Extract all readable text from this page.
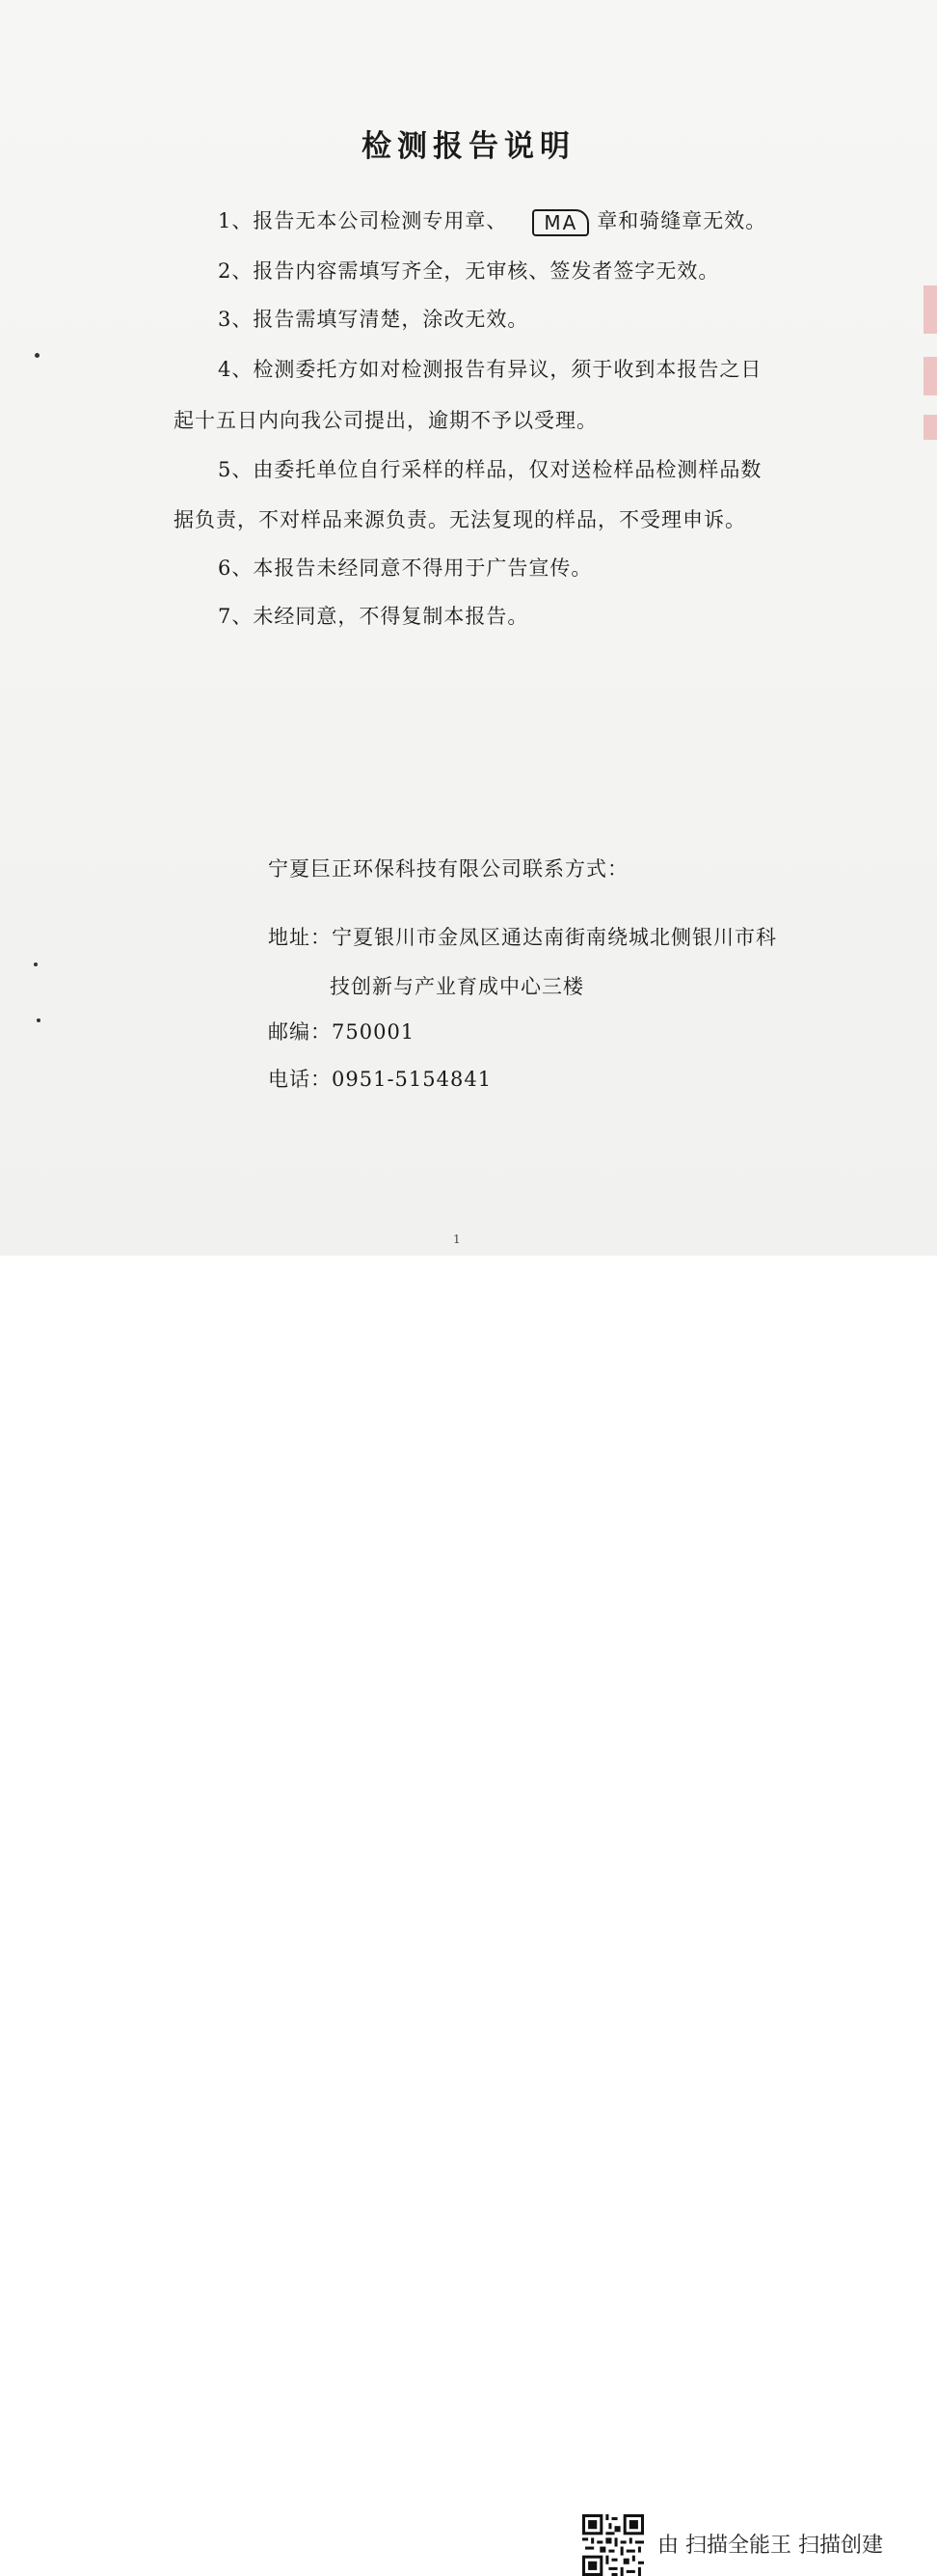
检测报告说明
1、报告无本公司检测专用章、 MA 章和骑缝章无效。
2、报告内容需填写齐全，无审核、签发者签字无效。
3、报告需填写清楚，涂改无效。
4、检测委托方如对检测报告有异议，须于收到本报告之日
起十五日内向我公司提出，逾期不予以受理。
5、由委托单位自行采样的样品，仅对送检样品检测样品数
据负责，不对样品来源负责。无法复现的样品，不受理申诉。
6、本报告未经同意不得用于广告宣传。
7、未经同意，不得复制本报告。
宁夏巨正环保科技有限公司联系方式：
地址：宁夏银川市金凤区通达南街南绕城北侧银川市科
技创新与产业育成中心三楼
邮编：750001
电话：0951-5154841
1
由 扫描全能王 扫描创建
